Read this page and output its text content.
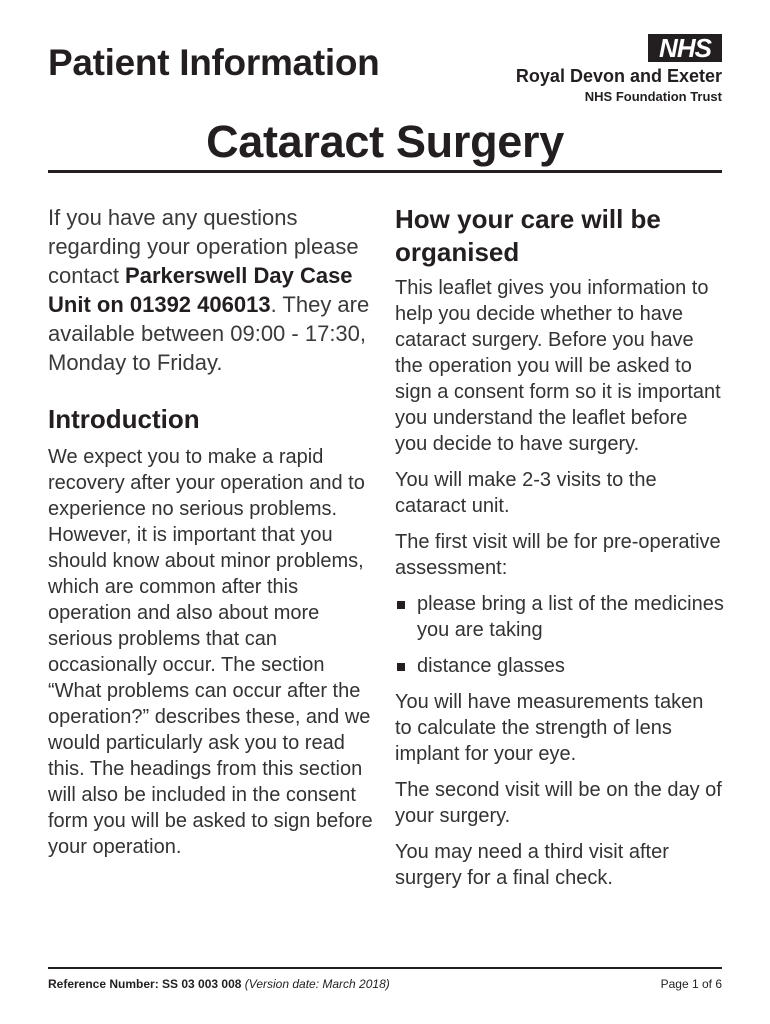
Patient Information	NHS
Royal Devon and Exeter
NHS Foundation Trust
Cataract Surgery

If you have any questions regarding your operation please contact Parkerswell Day Case Unit on 01392 406013. They are available between 09:00 - 17:30, Monday to Friday.

Introduction

We expect you to make a rapid recovery after your operation and to experience no serious problems. However, it is important that you should know about minor problems, which are common after this operation and also about more serious problems that can occasionally occur. The section “What problems can occur after the operation?” describes these, and we would particularly ask you to read this. The headings from this section will also be included in the consent form you will be asked to sign before your operation.

How your care will be organised

This leaflet gives you information to help you decide whether to have cataract surgery. Before you have the operation you will be asked to sign a consent form so it is important you understand the leaflet before you decide to have surgery.

You will make 2-3 visits to the cataract unit.

The first visit will be for pre-operative assessment:

please bring a list of the medicines you are taking
distance glasses

You will have measurements taken to calculate the strength of lens implant for your eye.

The second visit will be on the day of your surgery.

You may need a third visit after surgery for a final check.

Reference Number: SS 03 003 008 (Version date: March 2018)	Page 1 of 6
